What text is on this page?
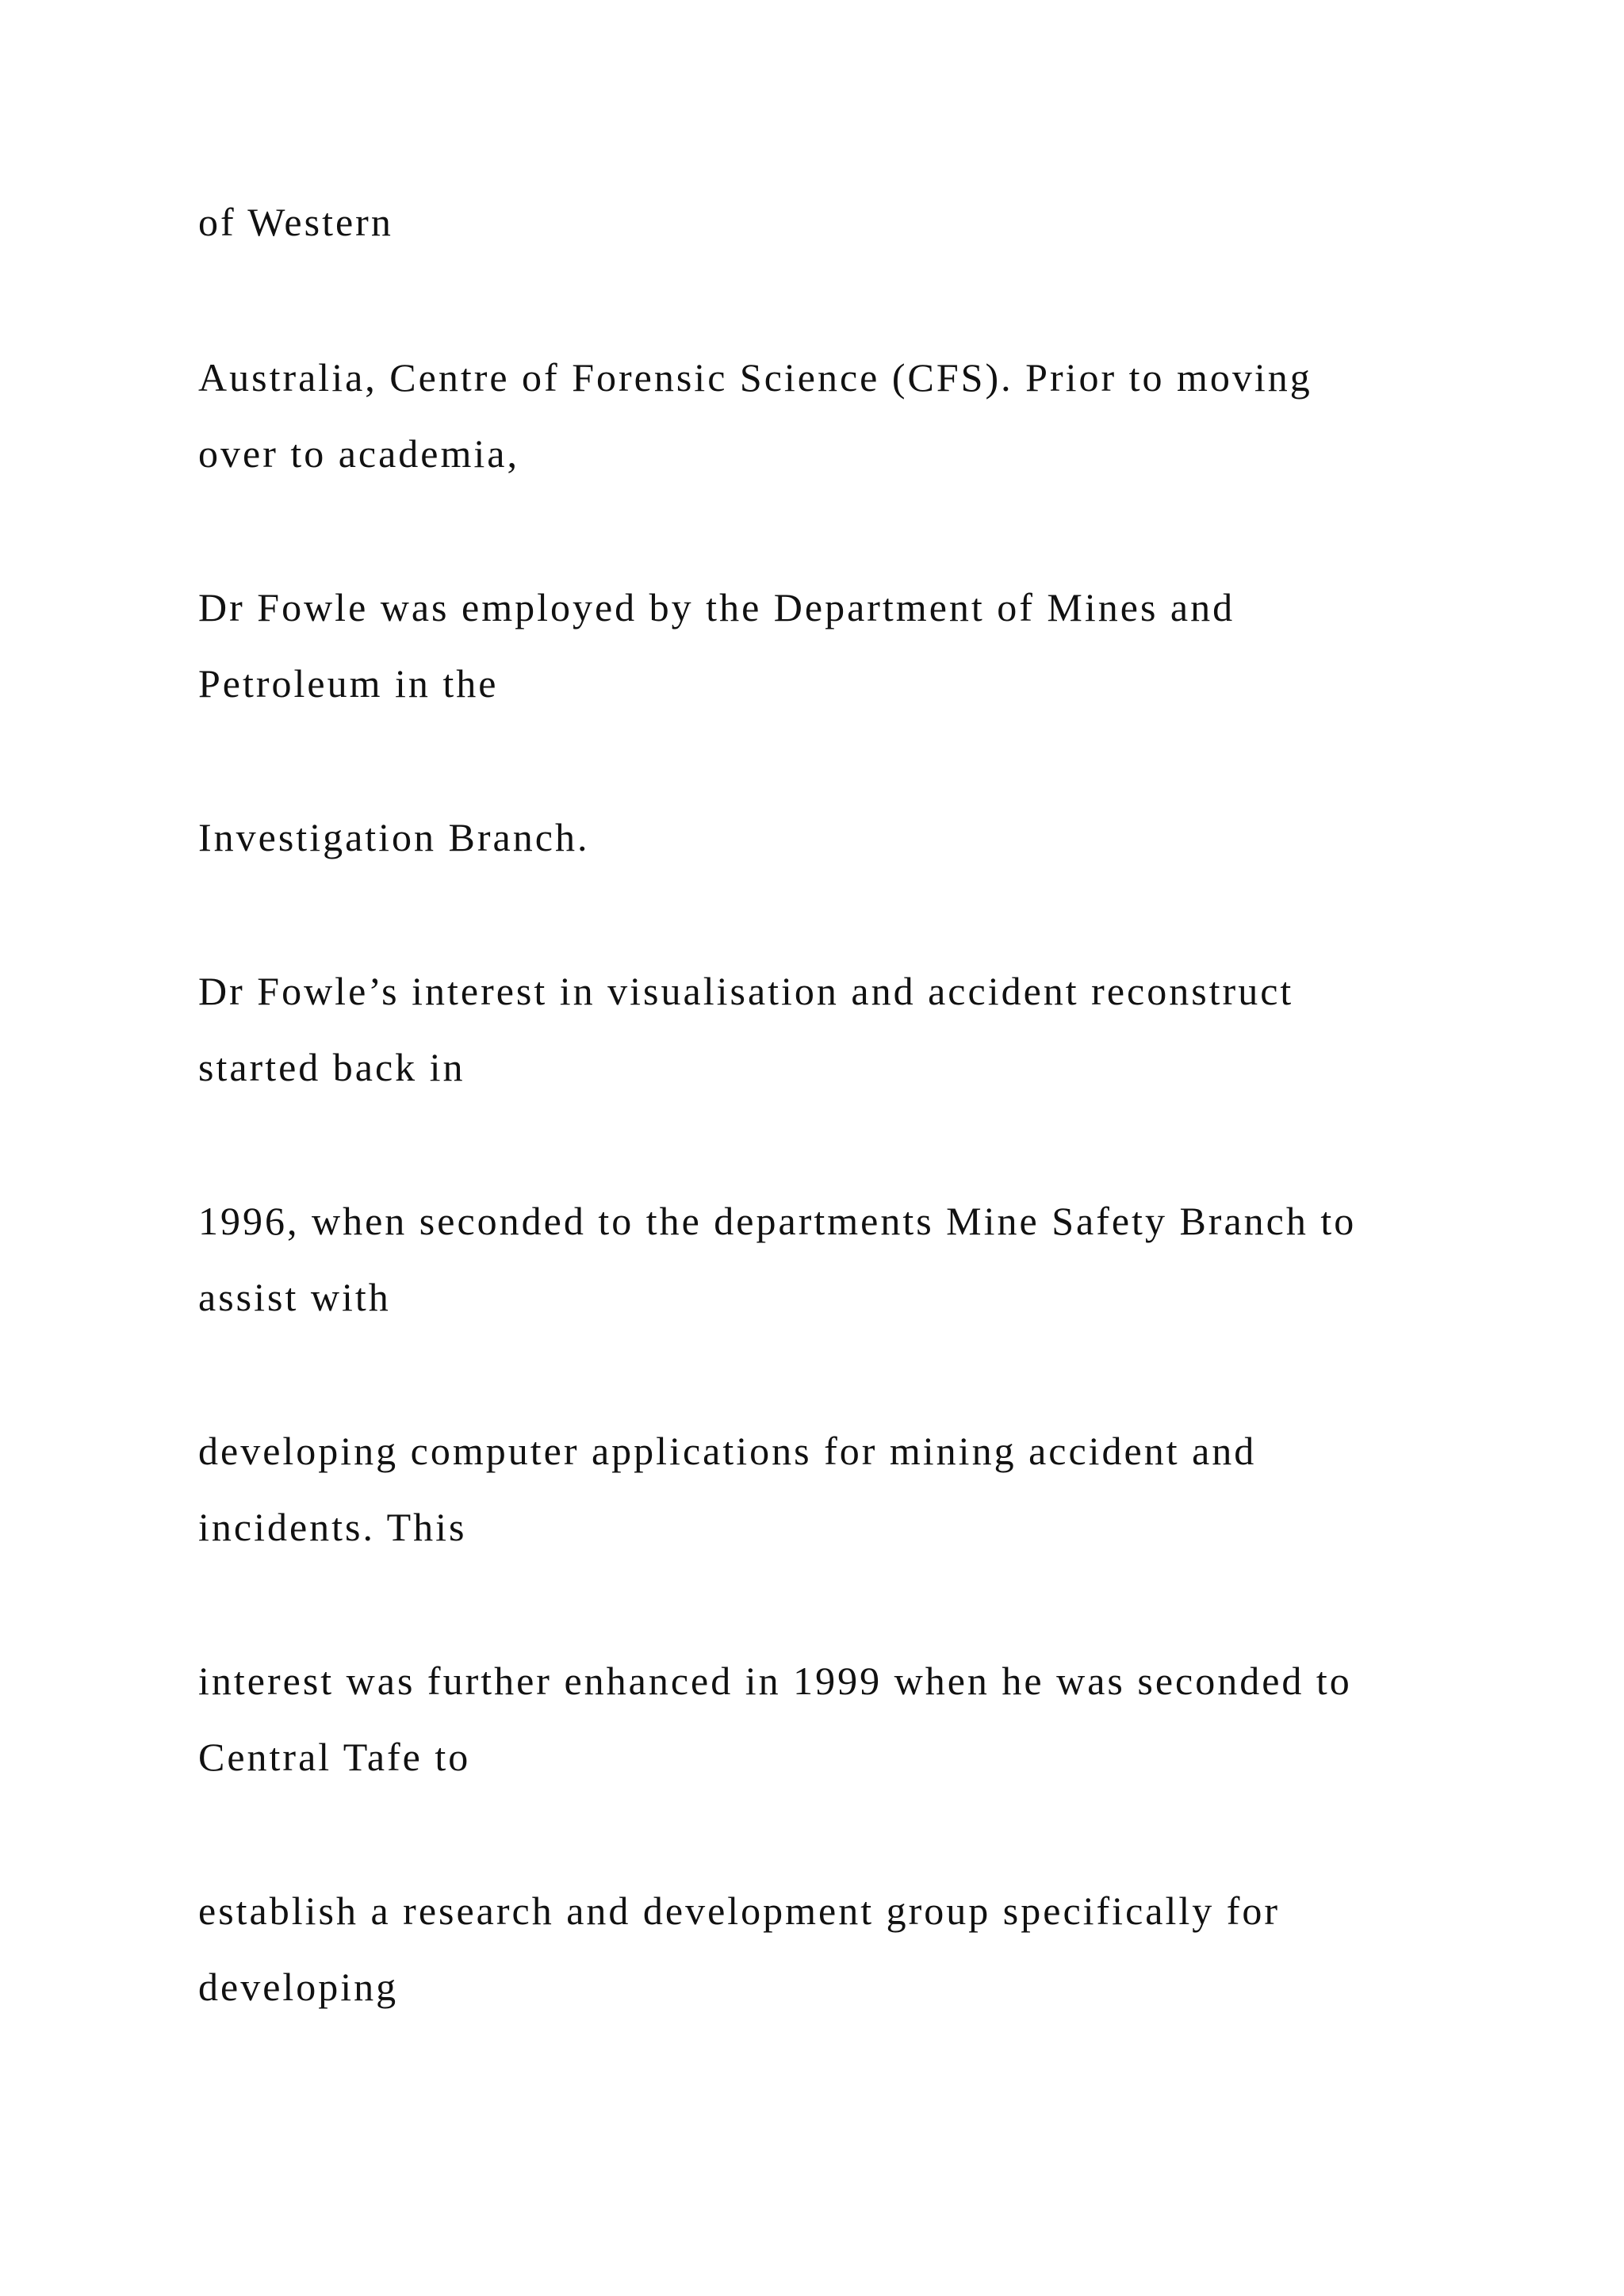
of Western

Australia, Centre of Forensic Science (CFS). Prior to moving

over to academia,

Dr Fowle was employed by the Department of Mines and

Petroleum in the

Investigation Branch.

Dr Fowle’s interest in visualisation and accident reconstruct

started back in

1996, when seconded to the departments Mine Safety Branch to

assist with

developing computer applications for mining accident and

incidents. This

interest was further enhanced in 1999 when he was seconded to

Central Tafe to

establish a research and development group specifically for

developing
